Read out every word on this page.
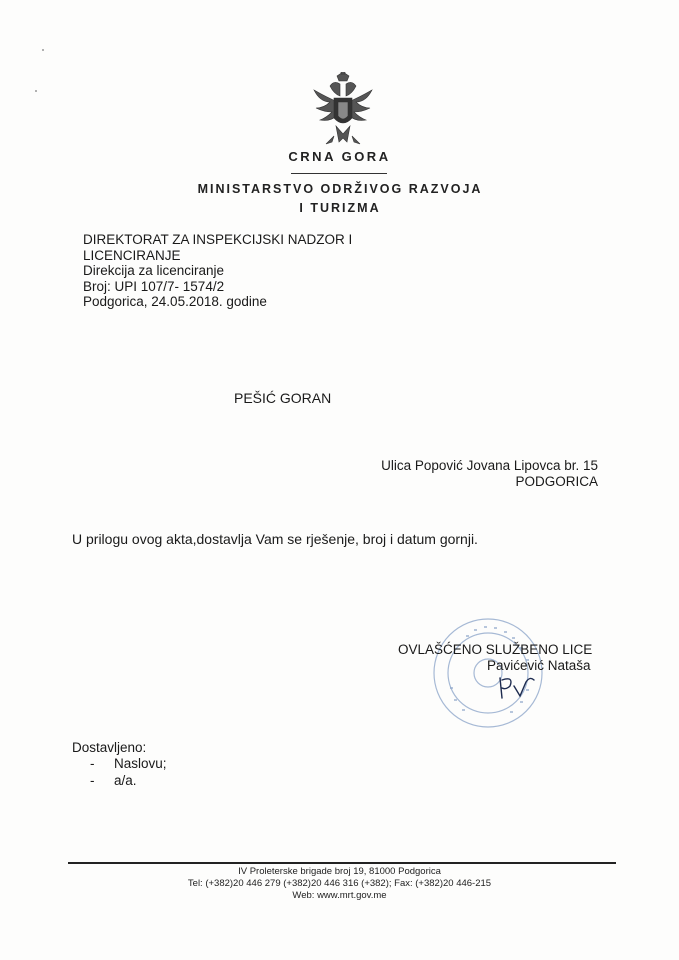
CRNA GORA
MINISTARSTVO ODRŽIVOG RAZVOJA
I TURIZMA
DIREKTORAT ZA INSPEKCIJSKI NADZOR I
LICENCIRANJE
Direkcija za licenciranje
Broj: UPI 107/7- 1574/2
Podgorica, 24.05.2018. godine
PEŠIĆ GORAN
Ulica Popović Jovana Lipovca br. 15
PODGORICA
U prilogu ovog akta,dostavlja Vam se rješenje, broj i datum gornji.
OVLAŠĆENO SLUŽBENO LICE
Pavićević Nataša
Dostavljeno:
- Naslovu;
- a/a.
IV Proleterske brigade broj 19, 81000 Podgorica
Tel: (+382)20 446 279 (+382)20 446 316 (+382); Fax: (+382)20 446-215
Web: www.mrt.gov.me
